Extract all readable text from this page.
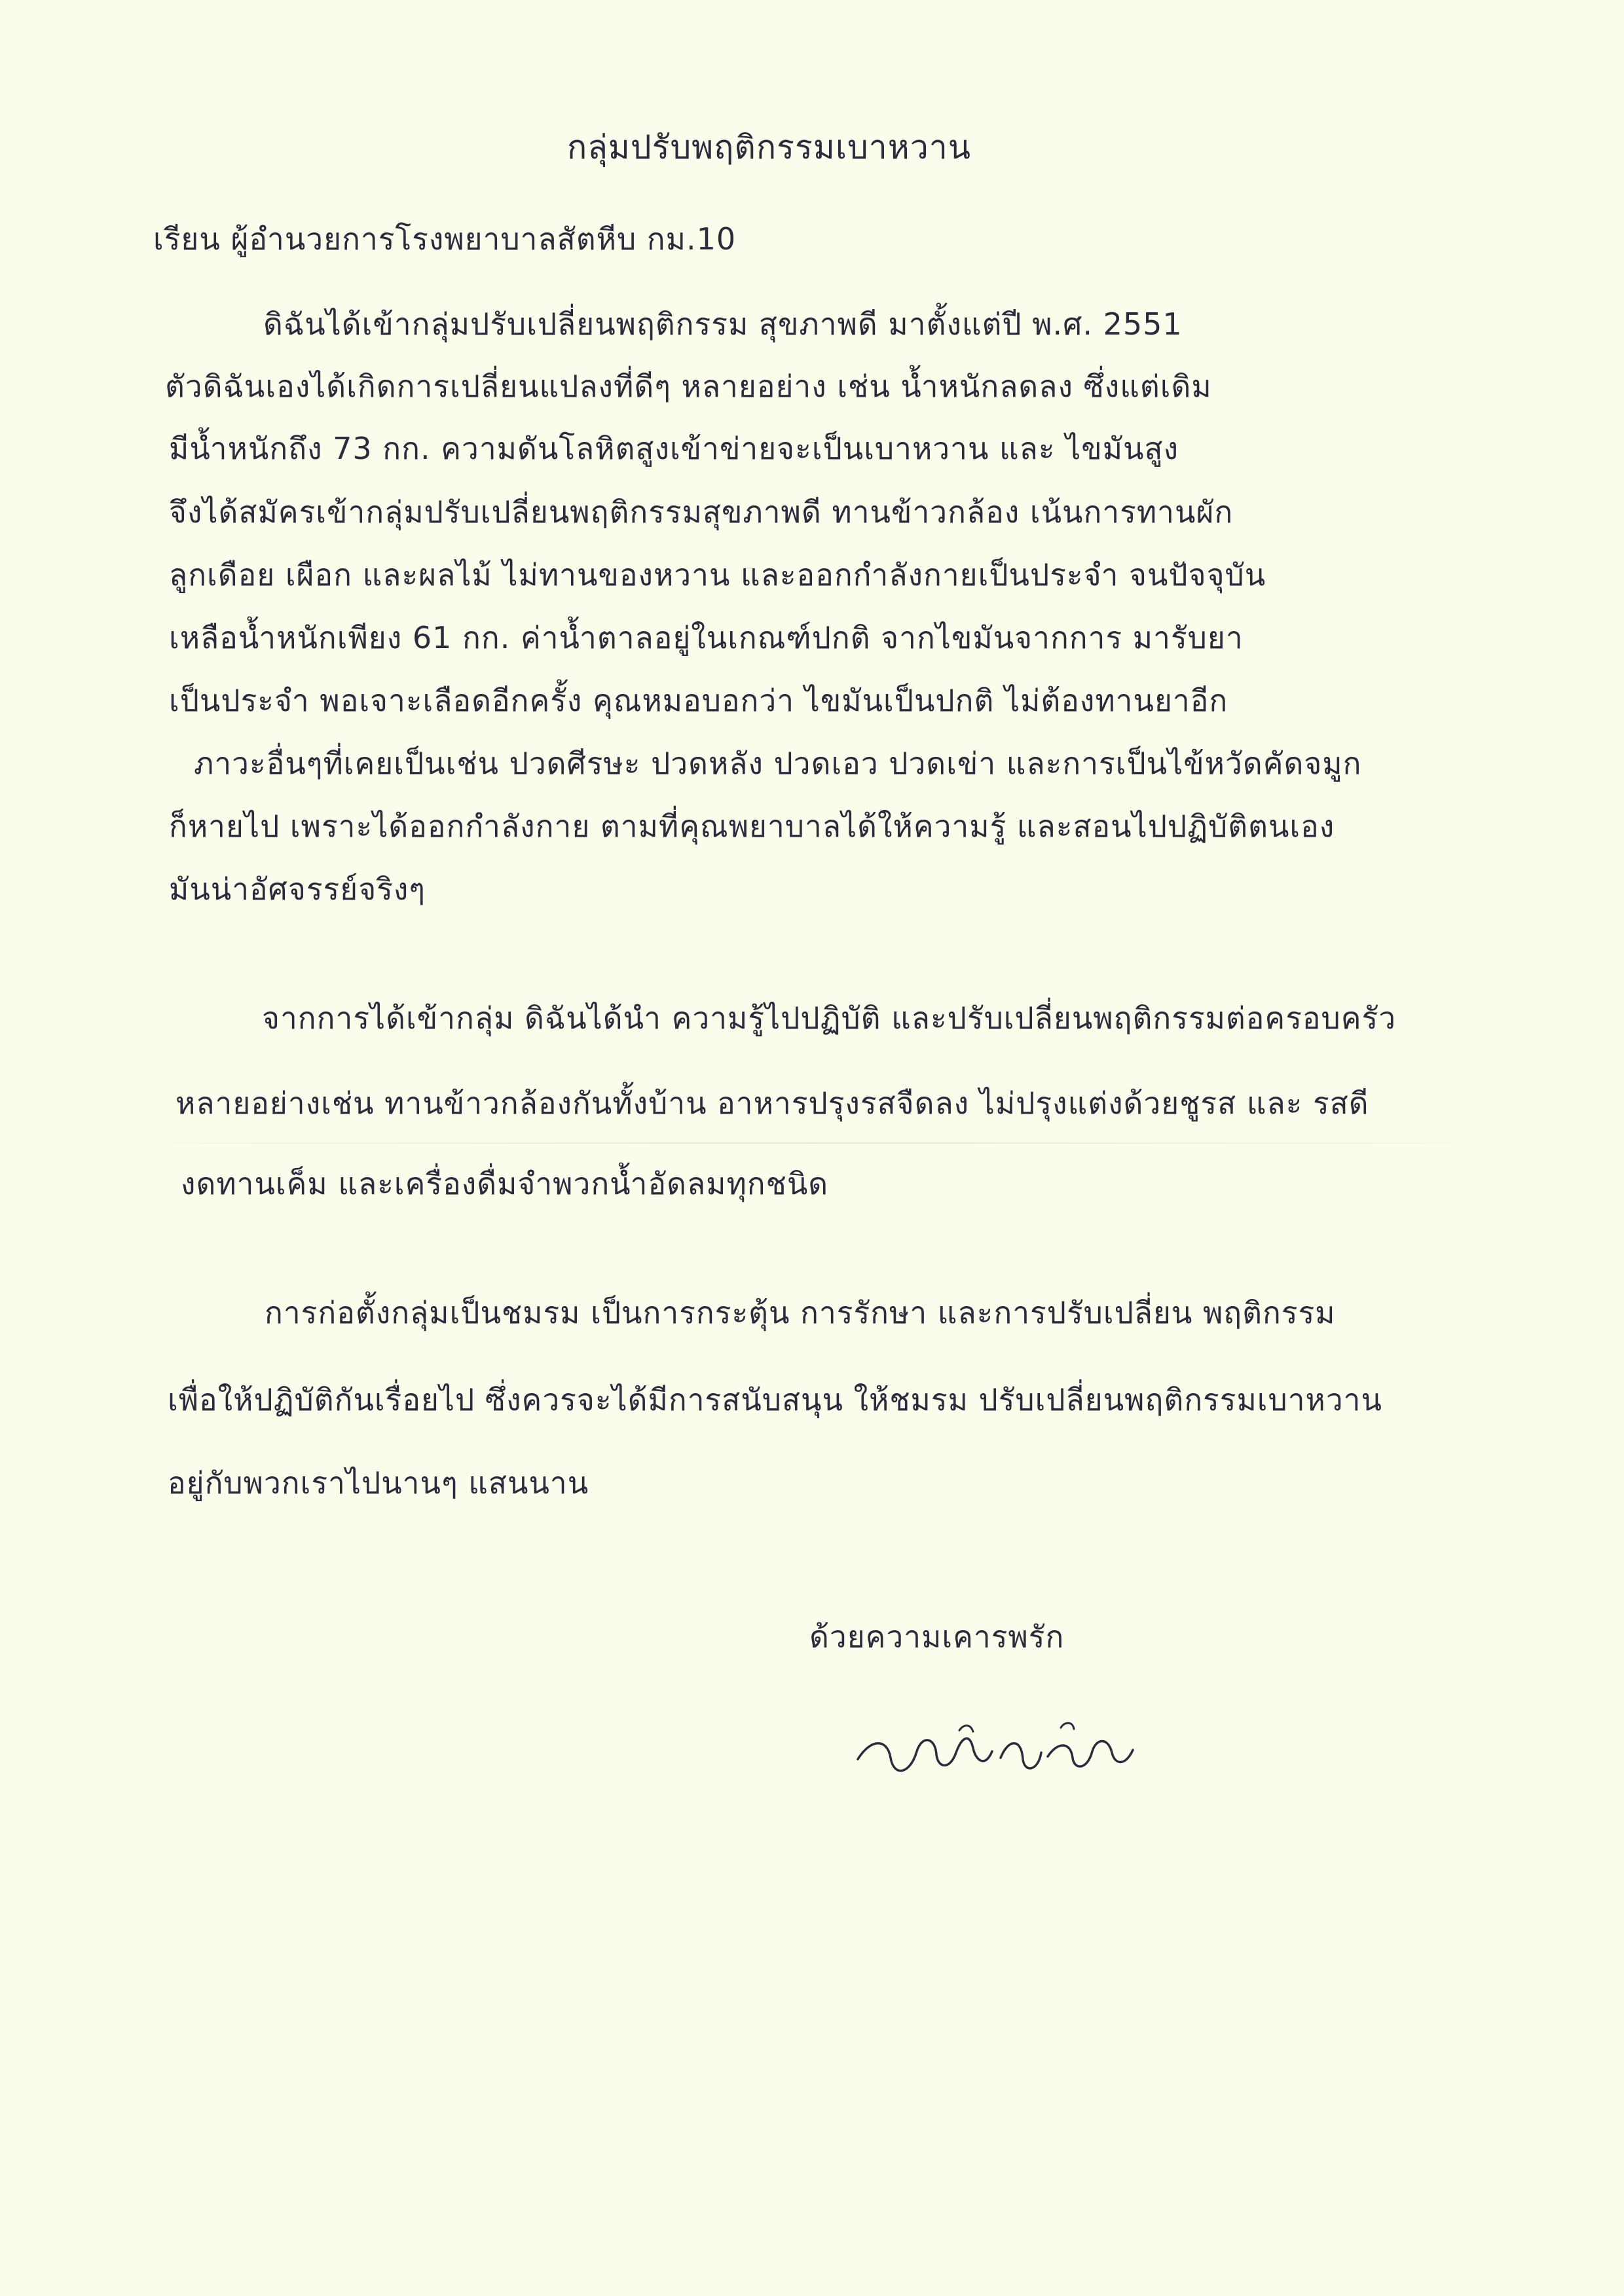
กลุ่มปรับพฤติกรรมเบาหวาน
เรียน ผู้อำนวยการโรงพยาบาลสัตหีบ กม.10
ดิฉันได้เข้ากลุ่มปรับเปลี่ยนพฤติกรรม สุขภาพดี มาตั้งแต่ปี พ.ศ. 2551
ตัวดิฉันเองได้เกิดการเปลี่ยนแปลงที่ดีๆ หลายอย่าง เช่น น้ำหนักลดลง ซึ่งแต่เดิม
มีน้ำหนักถึง 73 กก. ความดันโลหิตสูงเข้าข่ายจะเป็นเบาหวาน และ ไขมันสูง
จึงได้สมัครเข้ากลุ่มปรับเปลี่ยนพฤติกรรมสุขภาพดี ทานข้าวกล้อง เน้นการทานผัก
ลูกเดือย เผือก และผลไม้ ไม่ทานของหวาน และออกกำลังกายเป็นประจำ จนปัจจุบัน
เหลือน้ำหนักเพียง 61 กก. ค่าน้ำตาลอยู่ในเกณฑ์ปกติ จากไขมันจากการ มารับยา
เป็นประจำ พอเจาะเลือดอีกครั้ง คุณหมอบอกว่า ไขมันเป็นปกติ ไม่ต้องทานยาอีก
ภาวะอื่นๆที่เคยเป็นเช่น ปวดศีรษะ ปวดหลัง ปวดเอว ปวดเข่า และการเป็นไข้หวัดคัดจมูก
ก็หายไป เพราะได้ออกกำลังกาย ตามที่คุณพยาบาลได้ให้ความรู้ และสอนไปปฏิบัติตนเอง
มันน่าอัศจรรย์จริงๆ
จากการได้เข้ากลุ่ม ดิฉันได้นำ ความรู้ไปปฏิบัติ และปรับเปลี่ยนพฤติกรรมต่อครอบครัว
หลายอย่างเช่น ทานข้าวกล้องกันทั้งบ้าน อาหารปรุงรสจืดลง ไม่ปรุงแต่งด้วยชูรส และ รสดี
งดทานเค็ม และเครื่องดื่มจำพวกน้ำอัดลมทุกชนิด
การก่อตั้งกลุ่มเป็นชมรม เป็นการกระตุ้น การรักษา และการปรับเปลี่ยน พฤติกรรม
เพื่อให้ปฏิบัติกันเรื่อยไป ซึ่งควรจะได้มีการสนับสนุน ให้ชมรม ปรับเปลี่ยนพฤติกรรมเบาหวาน
อยู่กับพวกเราไปนานๆ แสนนาน
ด้วยความเคารพรัก
